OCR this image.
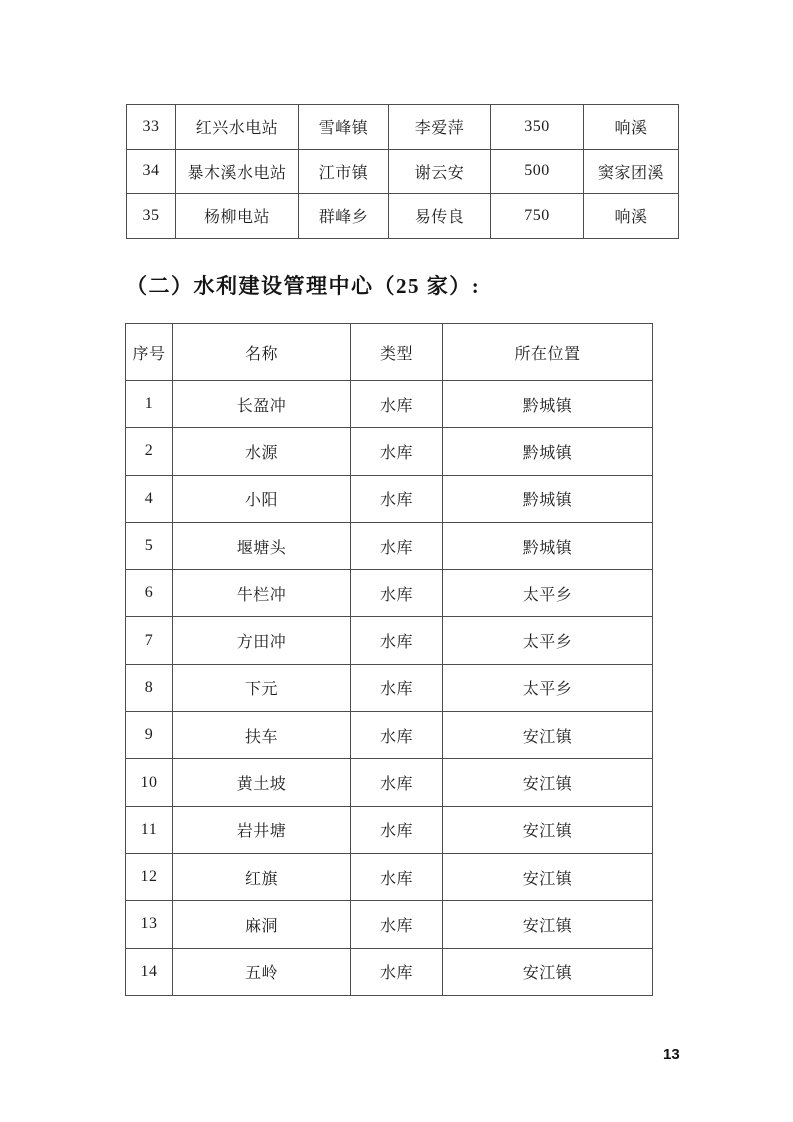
33	红兴水电站	雪峰镇	李爱萍	350	响溪
34	暴木溪水电站	江市镇	谢云安	500	窦家团溪
35	杨柳电站	群峰乡	易传良	750	响溪
（二）水利建设管理中心（25 家）:
序号	名称	类型	所在位置
1	长盈冲	水库	黔城镇
2	水源	水库	黔城镇
4	小阳	水库	黔城镇
5	堰塘头	水库	黔城镇
6	牛栏冲	水库	太平乡
7	方田冲	水库	太平乡
8	下元	水库	太平乡
9	扶车	水库	安江镇
10	黄土坡	水库	安江镇
11	岩井塘	水库	安江镇
12	红旗	水库	安江镇
13	麻洞	水库	安江镇
14	五岭	水库	安江镇
13
